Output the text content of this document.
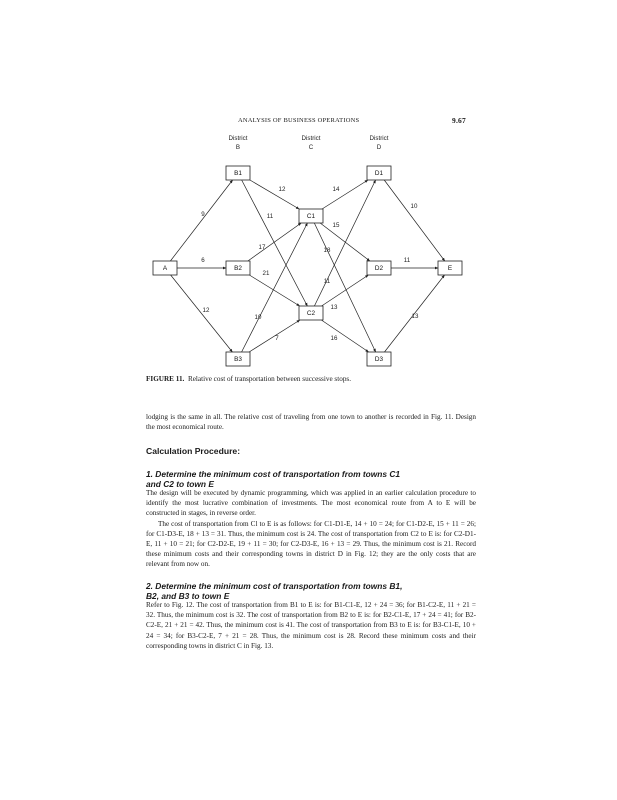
ANALYSIS OF BUSINESS OPERATIONS	9.67
District
B
District
C
District
D
9
6
12
11
12
17
21
10
7
14
15
18
11
13
16
10
11
13
A
B1
B2
B3
C1
C2
D1
D2
D3
E
FIGURE 11. Relative cost of transportation between successive stops.

lodging is the same in all. The relative cost of traveling from one town to another is recorded in Fig. 11. Design the most economical route.

Calculation Procedure:
1. Determine the minimum cost of transportation from towns C1
and C2 to town E

The design will be executed by dynamic programming, which was applied in an earlier calculation procedure to identify the most lucrative combination of investments. The most economical route from A to E will be constructed in stages, in reverse order.

The cost of transportation from Cl to E is as follows: for C1-D1-E, 14 + 10 = 24; for C1-D2-E, 15 + 11 = 26; for C1-D3-E, 18 + 13 = 31. Thus, the minimum cost is 24. The cost of transportation from C2 to E is: for C2-D1-E, 11 + 10 = 21; for C2-D2-E, 19 + 11 = 30; for C2-D3-E, 16 + 13 = 29. Thus, the minimum cost is 21. Record these minimum costs and their corresponding towns in district D in Fig. 12; they are the only costs that are relevant from now on.

2. Determine the minimum cost of transportation from towns B1,
B2, and B3 to town E

Refer to Fig. 12. The cost of transportation from B1 to E is: for B1-C1-E, 12 + 24 = 36; for B1-C2-E, 11 + 21 = 32. Thus, the minimum cost is 32. The cost of transportation from B2 to E is: for B2-C1-E, 17 + 24 = 41; for B2-C2-E, 21 + 21 = 42. Thus, the minimum cost is 41. The cost of transportation from B3 to E is: for B3-C1-E, 10 + 24 = 34; for B3-C2-E, 7 + 21 = 28. Thus, the minimum cost is 28. Record these minimum costs and their corresponding towns in district C in Fig. 13.
